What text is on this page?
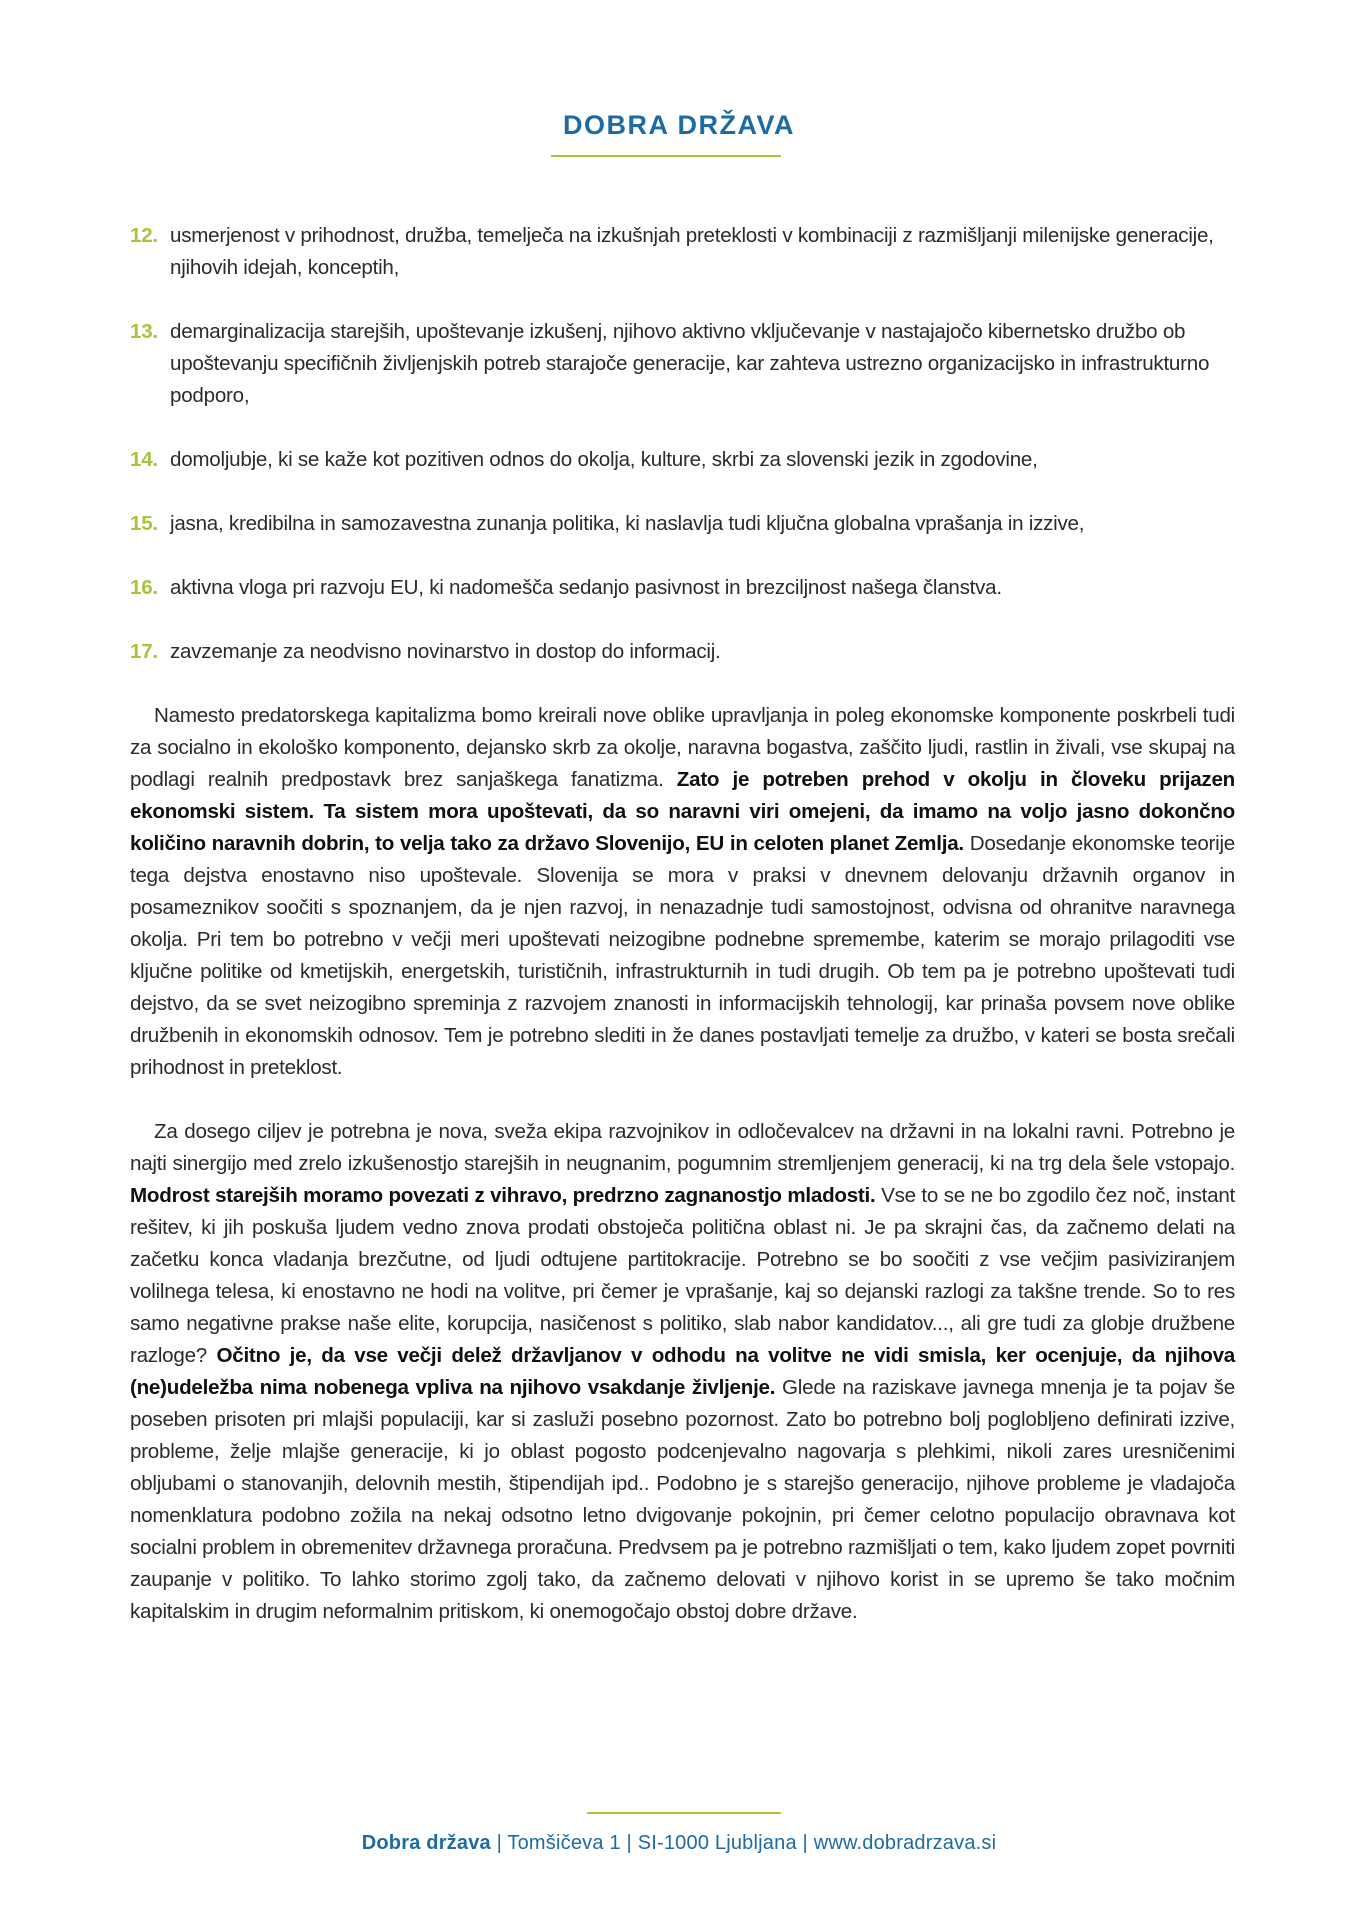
DOBRA DRŽAVA
12. usmerjenost v prihodnost, družba, temelječa na izkušnjah preteklosti v kombinaciji z razmišljanji milenijske generacije, njihovih idejah, konceptih,
13. demarginalizacija starejših, upoštevanje izkušenj, njihovo aktivno vključevanje v nastajajočo kibernetsko družbo ob upoštevanju specifičnih življenjskih potreb starajoče generacije, kar zahteva ustrezno organizacijsko in infrastrukturno podporo,
14. domoljubje, ki se kaže kot pozitiven odnos do okolja, kulture, skrbi za slovenski jezik in zgodovine,
15. jasna, kredibilna in samozavestna zunanja politika, ki naslavlja tudi ključna globalna vprašanja in izzive,
16. aktivna vloga pri razvoju EU, ki nadomešča sedanjo pasivnost in brezciljnost našega članstva.
17. zavzemanje za neodvisno novinarstvo in dostop do informacij.

Namesto predatorskega kapitalizma bomo kreirali nove oblike upravljanja in poleg ekonomske komponente poskrbeli tudi za socialno in ekološko komponento, dejansko skrb za okolje, naravna bogastva, zaščito ljudi, rastlin in živali, vse skupaj na podlagi realnih predpostavk brez sanjaškega fanatizma. Zato je potreben prehod v okolju in človeku prijazen ekonomski sistem. Ta sistem mora upoštevati, da so naravni viri omejeni, da imamo na voljo jasno dokončno količino naravnih dobrin, to velja tako za državo Slovenijo, EU in celoten planet Zemlja. Dosedanje ekonomske teorije tega dejstva enostavno niso upoštevale. Slovenija se mora v praksi v dnevnem delovanju državnih organov in posameznikov soočiti s spoznanjem, da je njen razvoj, in nenazadnje tudi samostojnost, odvisna od ohranitve naravnega okolja. Pri tem bo potrebno v večji meri upoštevati neizogibne podnebne spremembe, katerim se morajo prilagoditi vse ključne politike od kmetijskih, energetskih, turističnih, infrastrukturnih in tudi drugih. Ob tem pa je potrebno upoštevati tudi dejstvo, da se svet neizogibno spreminja z razvojem znanosti in informacijskih tehnologij, kar prinaša povsem nove oblike družbenih in ekonomskih odnosov. Tem je potrebno slediti in že danes postavljati temelje za družbo, v kateri se bosta srečali prihodnost in preteklost.

Za dosego ciljev je potrebna je nova, sveža ekipa razvojnikov in odločevalcev na državni in na lokalni ravni. Potrebno je najti sinergijo med zrelo izkušenostjo starejših in neugnanim, pogumnim stremljenjem generacij, ki na trg dela šele vstopajo. Modrost starejših moramo povezati z vihravo, predrzno zagnanostjo mladosti. Vse to se ne bo zgodilo čez noč, instant rešitev, ki jih poskuša ljudem vedno znova prodati obstoječa politična oblast ni. Je pa skrajni čas, da začnemo delati na začetku konca vladanja brezčutne, od ljudi odtujene partitokracije. Potrebno se bo soočiti z vse večjim pasiviziranjem volilnega telesa, ki enostavno ne hodi na volitve, pri čemer je vprašanje, kaj so dejanski razlogi za takšne trende. So to res samo negativne prakse naše elite, korupcija, nasičenost s politiko, slab nabor kandidatov..., ali gre tudi za globje družbene razloge? Očitno je, da vse večji delež državljanov v odhodu na volitve ne vidi smisla, ker ocenjuje, da njihova (ne)udeležba nima nobenega vpliva na njihovo vsakdanje življenje. Glede na raziskave javnega mnenja je ta pojav še poseben prisoten pri mlajši populaciji, kar si zasluži posebno pozornost. Zato bo potrebno bolj poglobljeno definirati izzive, probleme, želje mlajše generacije, ki jo oblast pogosto podcenjevalno nagovarja s plehkimi, nikoli zares uresničenimi obljubami o stanovanjih, delovnih mestih, štipendijah ipd.. Podobno je s starejšo generacijo, njihove probleme je vladajoča nomenklatura podobno zožila na nekaj odsotno letno dvigovanje pokojnin, pri čemer celotno populacijo obravnava kot socialni problem in obremenitev državnega proračuna. Predvsem pa je potrebno razmišljati o tem, kako ljudem zopet povrniti zaupanje v politiko. To lahko storimo zgolj tako, da začnemo delovati v njihovo korist in se upremo še tako močnim kapitalskim in drugim neformalnim pritiskom, ki onemogočajo obstoj dobre države.

Dobra država | Tomšičeva 1 | SI-1000 Ljubljana | www.dobradrzava.si
